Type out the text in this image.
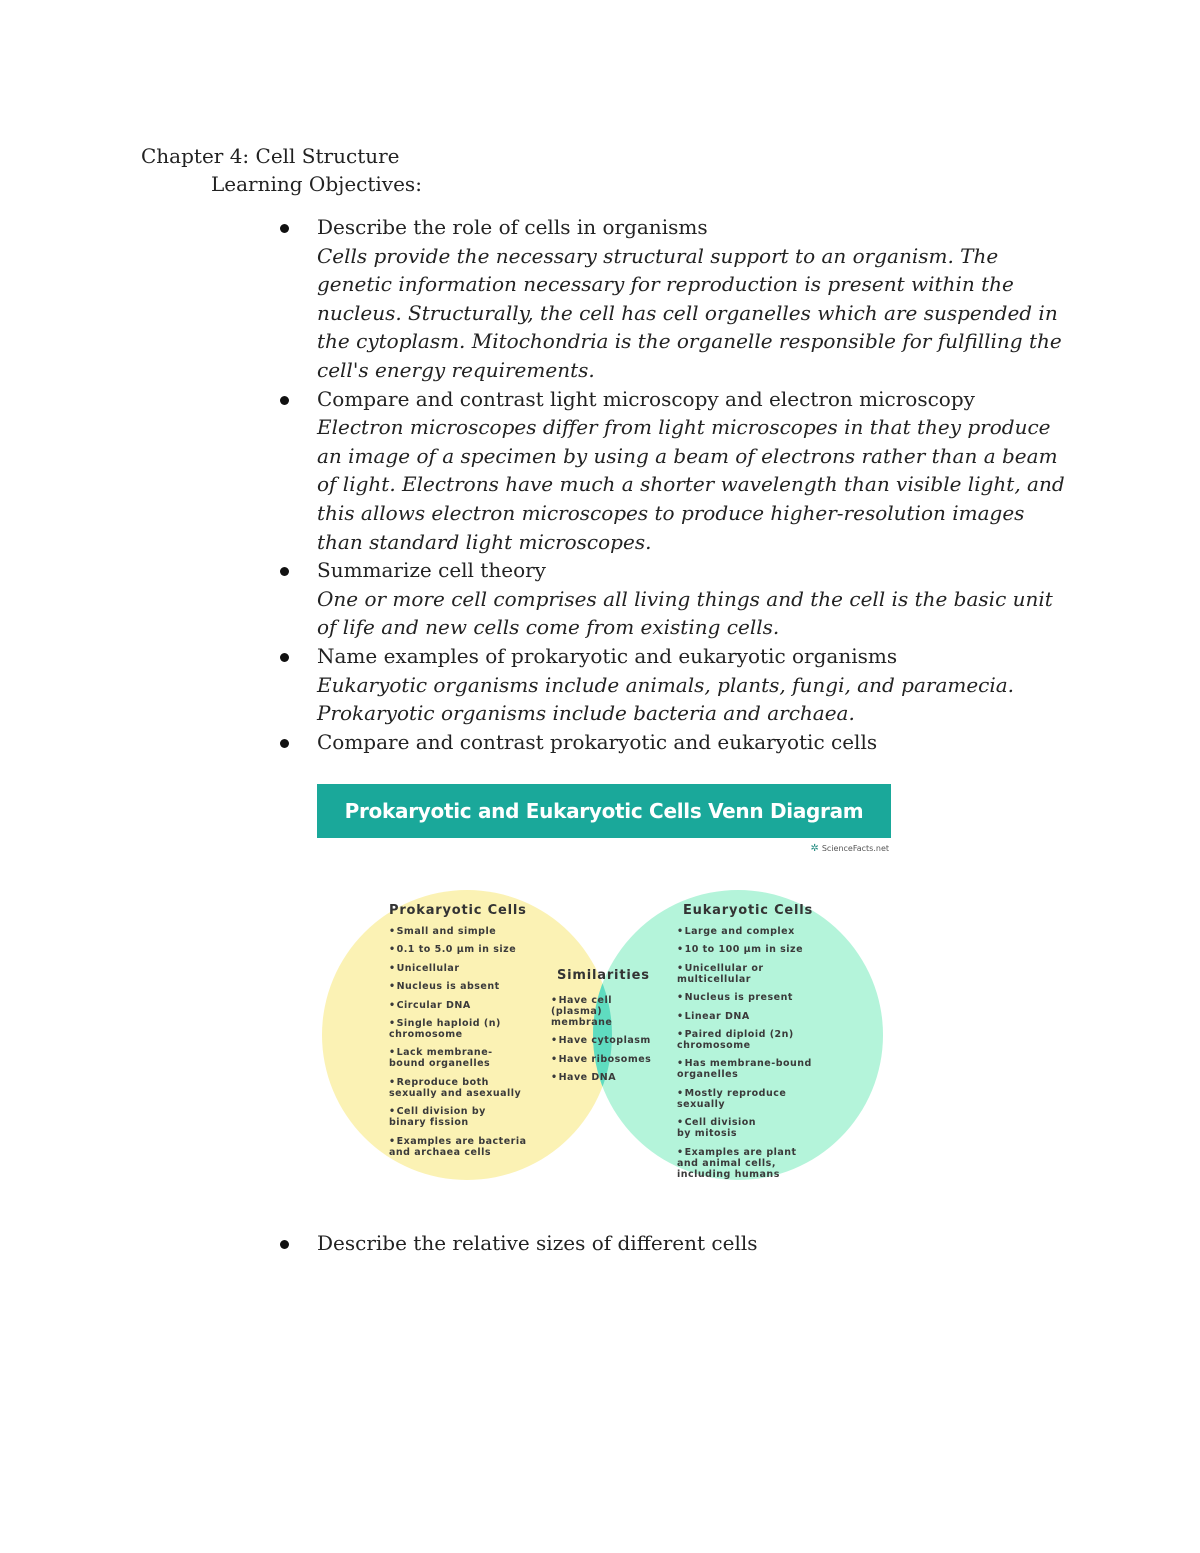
Chapter 4: Cell Structure
Learning Objectives:
Describe the role of cells in organisms
Cells provide the necessary structural support to an organism. The genetic information necessary for reproduction is present within the nucleus. Structurally, the cell has cell organelles which are suspended in the cytoplasm. Mitochondria is the organelle responsible for fulfilling the cell's energy requirements.
Compare and contrast light microscopy and electron microscopy
Electron microscopes differ from light microscopes in that they produce an image of a specimen by using a beam of electrons rather than a beam of light. Electrons have much a shorter wavelength than visible light, and this allows electron microscopes to produce higher-resolution images than standard light microscopes.
Summarize cell theory
One or more cell comprises all living things and the cell is the basic unit of life and new cells come from existing cells.
Name examples of prokaryotic and eukaryotic organisms
Eukaryotic organisms include animals, plants, fungi, and paramecia. Prokaryotic organisms include bacteria and archaea.
Compare and contrast prokaryotic and eukaryotic cells
Prokaryotic and Eukaryotic Cells Venn Diagram
✲ ScienceFacts.net
Prokaryotic Cells
• Small and simple
• 0.1 to 5.0 µm in size
• Unicellular
• Nucleus is absent
• Circular DNA
• Single haploid (n)
chromosome
• Lack membrane-
bound organelles
• Reproduce both
sexually and asexually
• Cell division by
binary fission
• Examples are bacteria
and archaea cells
Similarities
• Have cell (plasma)
membrane
• Have cytoplasm
• Have ribosomes
• Have DNA
Eukaryotic Cells
• Large and complex
• 10 to 100 µm in size
• Unicellular or
multicellular
• Nucleus is present
• Linear DNA
• Paired diploid (2n)
chromosome
• Has membrane-bound
organelles
• Mostly reproduce
sexually
• Cell division
by mitosis
• Examples are plant
and animal cells,
including humans
Describe the relative sizes of different cells
